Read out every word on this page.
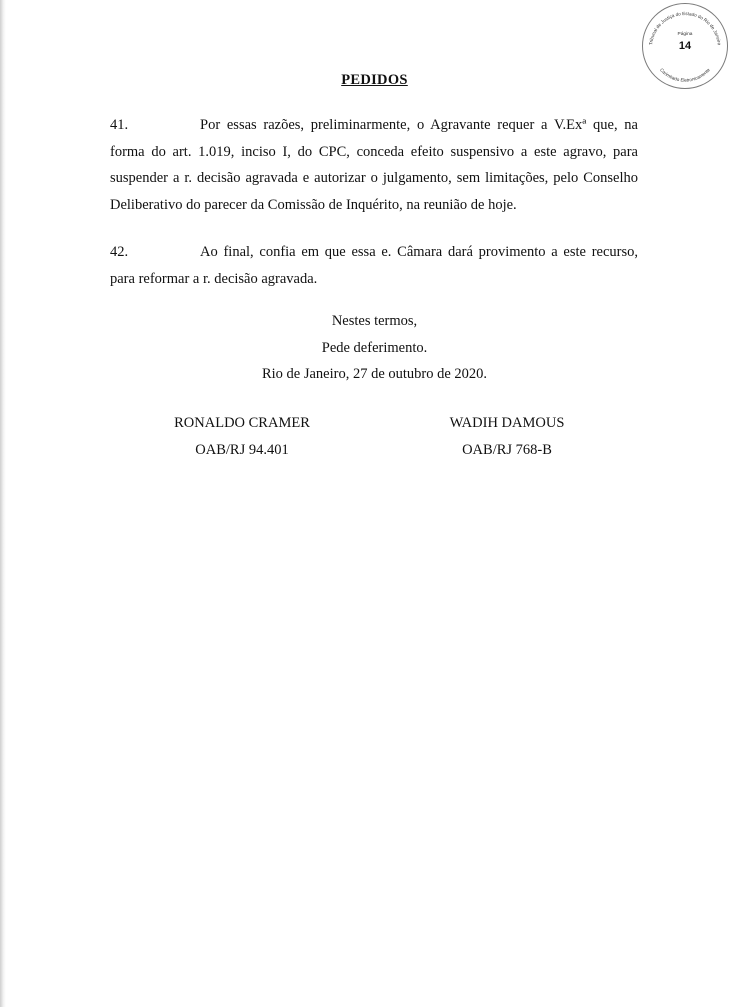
Tribunal de Justiça do Estado do Rio de Janeiro
Carimbado Eletronicamente
Página
14
PEDIDOS

41.	Por essas razões, preliminarmente, o Agravante requer a V.Exª que, na forma do art. 1.019, inciso I, do CPC, conceda efeito suspensivo a este agravo, para suspender a r. decisão agravada e autorizar o julgamento, sem limitações, pelo Conselho Deliberativo do parecer da Comissão de Inquérito, na reunião de hoje.

42.	Ao final, confia em que essa e. Câmara dará provimento a este recurso, para reformar a r. decisão agravada.

Nestes termos,
Pede deferimento.
Rio de Janeiro, 27 de outubro de 2020.
RONALDO CRAMER
OAB/RJ 94.401
WADIH DAMOUS
OAB/RJ 768-B
